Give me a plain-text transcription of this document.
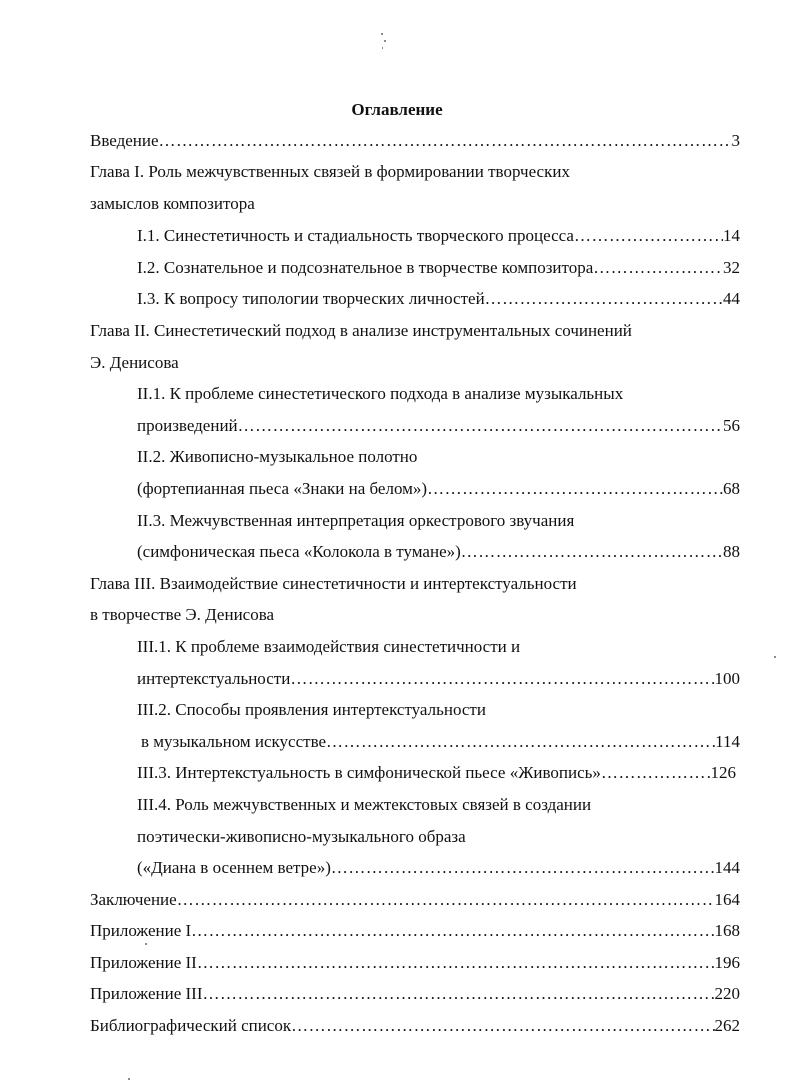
Оглавление
Введение ……………………………………………………………………………………………………………………………………………………………………………………………………………………	3
Глава I. Роль межчувственных связей в формировании творческих
замыслов композитора
I.1. Синестетичность и стадиальность творческого процесса ……………………………………………………………………………………………………………………………………………………………………………………………………………………	14
I.2. Сознательное и подсознательное в творчестве композитора ……………………………………………………………………………………………………………………………………………………………………………………………………………………	32
I.3. К вопросу типологии творческих личностей ……………………………………………………………………………………………………………………………………………………………………………………………………………………	44
Глава II. Синестетический подход в анализе инструментальных сочинений
Э. Денисова
II.1. К проблеме синестетического подхода в анализе музыкальных
произведений ……………………………………………………………………………………………………………………………………………………………………………………………………………………	56
II.2. Живописно-музыкальное полотно
(фортепианная пьеса «Знаки на белом») ……………………………………………………………………………………………………………………………………………………………………………………………………………………	68
II.3. Межчувственная интерпретация оркестрового звучания
(симфоническая пьеса «Колокола в тумане») ……………………………………………………………………………………………………………………………………………………………………………………………………………………	88
Глава III. Взаимодействие синестетичности и интертекстуальности
в творчестве Э. Денисова
III.1. К проблеме взаимодействия синестетичности и
интертекстуальности ……………………………………………………………………………………………………………………………………………………………………………………………………………………	100
III.2. Способы проявления интертекстуальности
в музыкальном искусстве ……………………………………………………………………………………………………………………………………………………………………………………………………………………	114
III.3. Интертекстуальность в симфонической пьесе «Живопись» ……………………………………………………………………………………………………………………………………………………………………………………………………………………	126
III.4. Роль межчувственных и межтекстовых связей в создании
поэтически-живописно-музыкального образа
(«Диана в осеннем ветре») ……………………………………………………………………………………………………………………………………………………………………………………………………………………	144
Заключение ……………………………………………………………………………………………………………………………………………………………………………………………………………………	164
Приложение I ……………………………………………………………………………………………………………………………………………………………………………………………………………………	168
Приложение II ……………………………………………………………………………………………………………………………………………………………………………………………………………………	196
Приложение III ……………………………………………………………………………………………………………………………………………………………………………………………………………………	220
Библиографический список ……………………………………………………………………………………………………………………………………………………………………………………………………………………	262
